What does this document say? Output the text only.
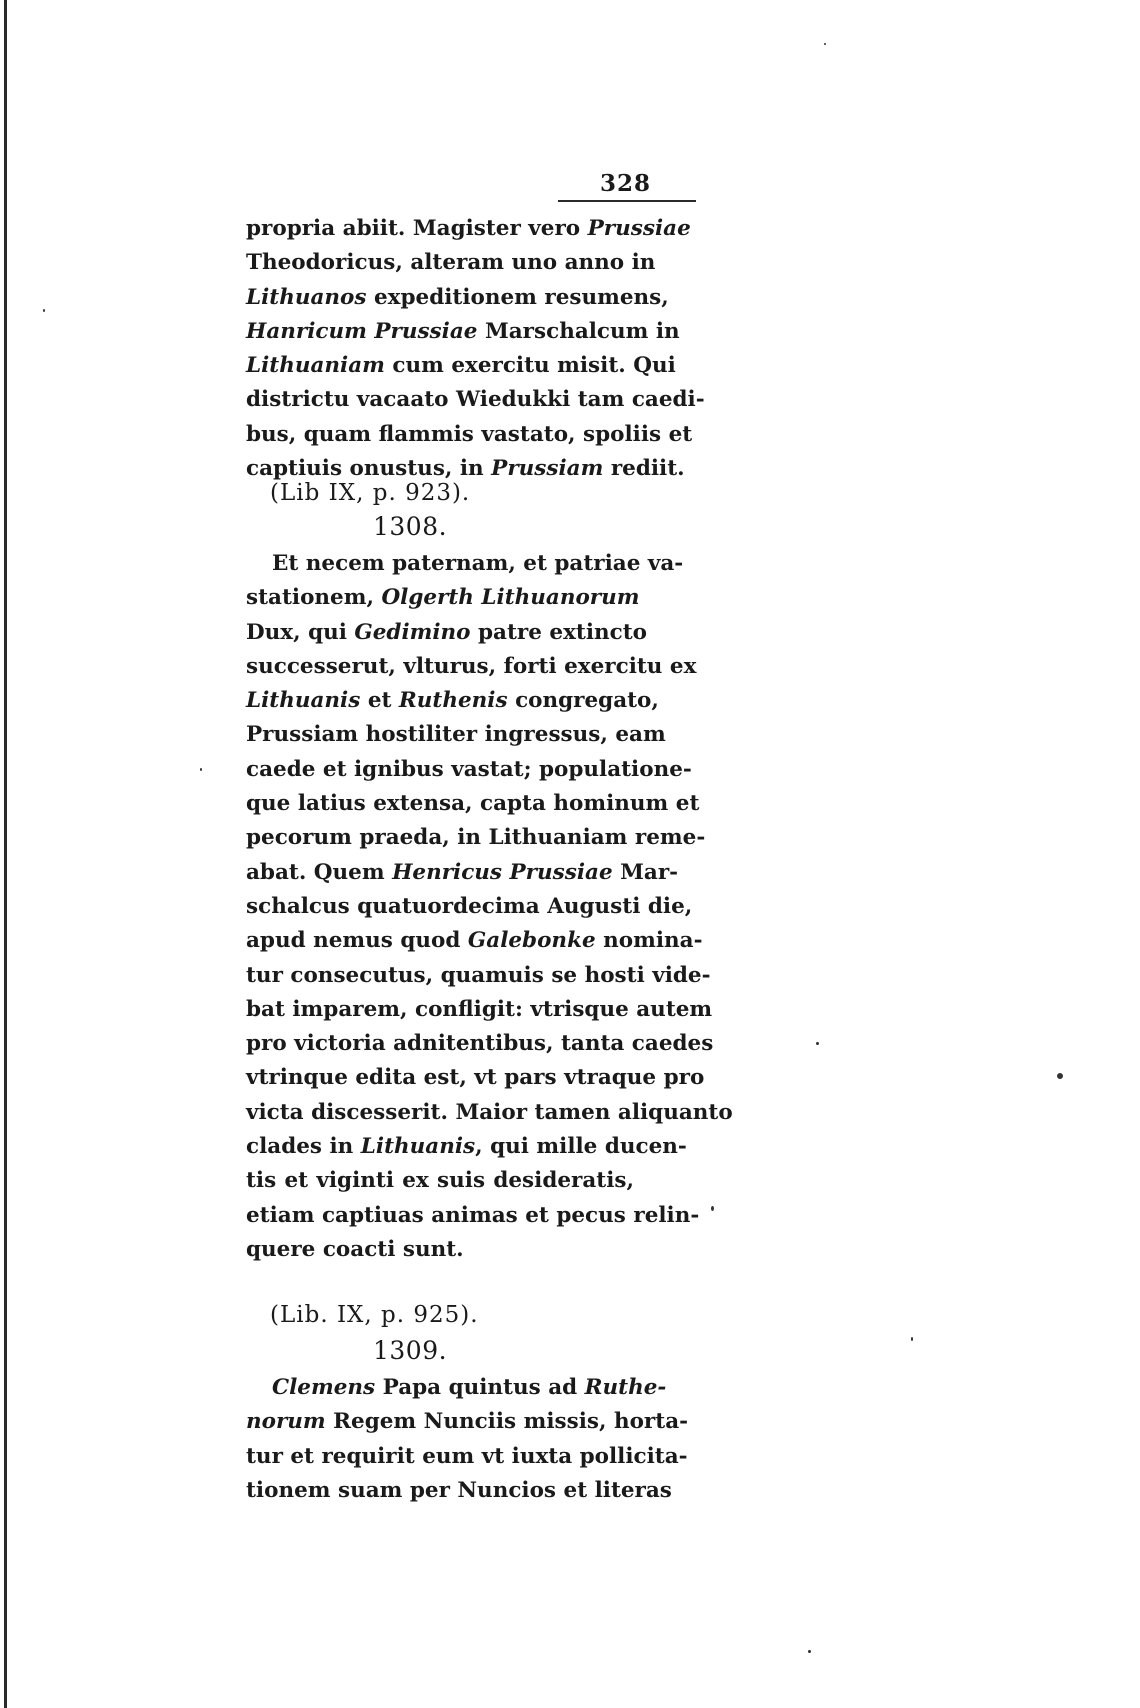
328
propria abiit. Magister vero Prussiae
Theodoricus, alteram uno anno in
Lithuanos expeditionem resumens,
Hanricum Prussiae Marschalcum in
Lithuaniam cum exercitu misit. Qui
districtu vacaato Wiedukki tam caedi-
bus, quam flammis vastato, spoliis et
captiuis onustus, in Prussiam rediit.
(Lib IX, p. 923).
1308.
Et necem paternam, et patriae va-
stationem, Olgerth Lithuanorum
Dux, qui Gedimino patre extincto
successerut, vlturus, forti exercitu ex
Lithuanis et Ruthenis congregato,
Prussiam hostiliter ingressus, eam
caede et ignibus vastat; populatione-
que latius extensa, capta hominum et
pecorum praeda, in Lithuaniam reme-
abat. Quem Henricus Prussiae Mar-
schalcus quatuordecima Augusti die,
apud nemus quod Galebonke nomina-
tur consecutus, quamuis se hosti vide-
bat imparem, confligit: vtrisque autem
pro victoria adnitentibus, tanta caedes
vtrinque edita est, vt pars vtraque pro
victa discesserit. Maior tamen aliquanto
clades in Lithuanis, qui mille ducen-
tis et viginti ex suis desideratis,
etiam captiuas animas et pecus relin-
quere coacti sunt.
(Lib. IX, p. 925).
1309.
Clemens Papa quintus ad Ruthe-
norum Regem Nunciis missis, horta-
tur et requirit eum vt iuxta pollicita-
tionem suam per Nuncios et literas
